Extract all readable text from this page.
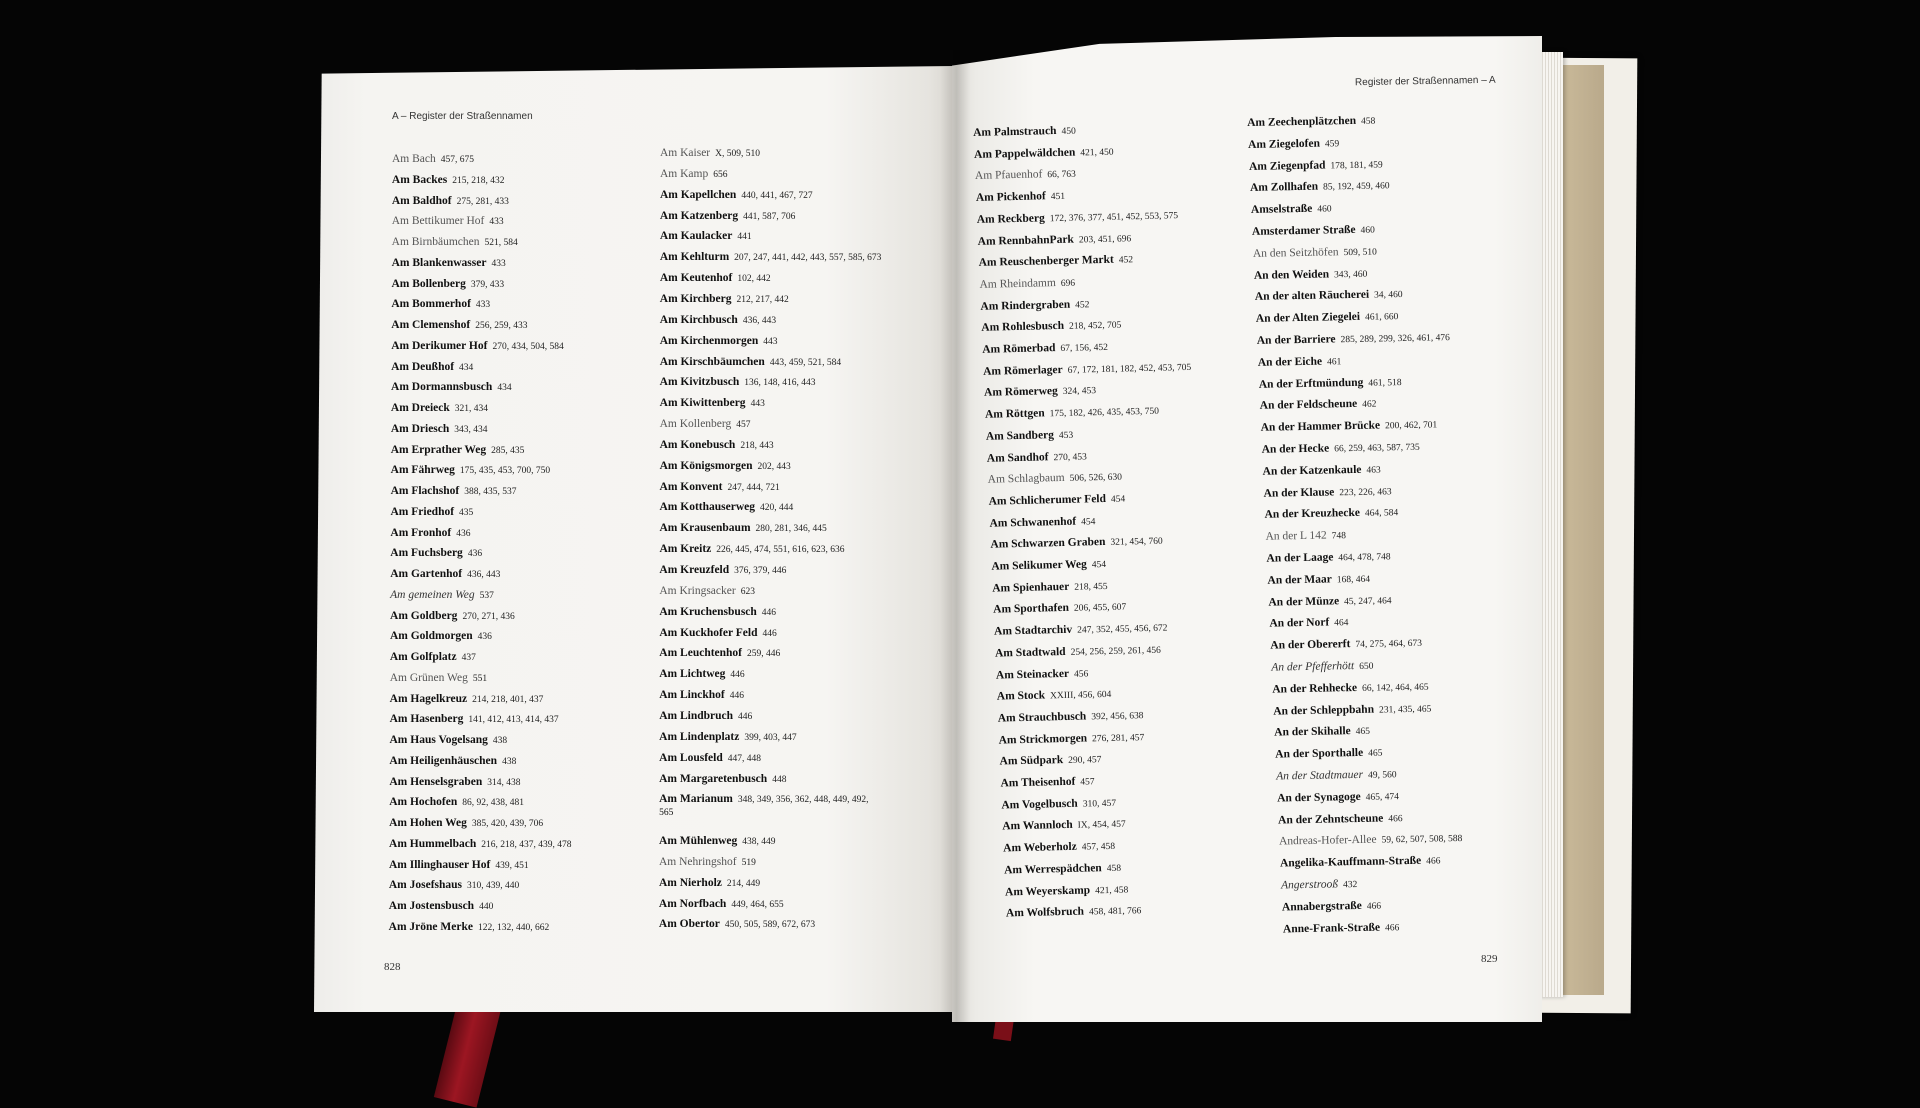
A – Register der Straßennamen
Register der Straßennamen – A
828
829
Am Bach 457, 675
Am Backes 215, 218, 432
Am Baldhof 275, 281, 433
Am Bettikumer Hof 433
Am Birnbäumchen 521, 584
Am Blankenwasser 433
Am Bollenberg 379, 433
Am Bommerhof 433
Am Clemenshof 256, 259, 433
Am Derikumer Hof 270, 434, 504, 584
Am Deußhof 434
Am Dormannsbusch 434
Am Dreieck 321, 434
Am Driesch 343, 434
Am Erprather Weg 285, 435
Am Fährweg 175, 435, 453, 700, 750
Am Flachshof 388, 435, 537
Am Friedhof 435
Am Fronhof 436
Am Fuchsberg 436
Am Gartenhof 436, 443
Am gemeinen Weg 537
Am Goldberg 270, 271, 436
Am Goldmorgen 436
Am Golfplatz 437
Am Grünen Weg 551
Am Hagelkreuz 214, 218, 401, 437
Am Hasenberg 141, 412, 413, 414, 437
Am Haus Vogelsang 438
Am Heiligenhäuschen 438
Am Henselsgraben 314, 438
Am Hochofen 86, 92, 438, 481
Am Hohen Weg 385, 420, 439, 706
Am Hummelbach 216, 218, 437, 439, 478
Am Illinghauser Hof 439, 451
Am Josefshaus 310, 439, 440
Am Jostensbusch 440
Am Jröne Merke 122, 132, 440, 662
Am Kaiser X, 509, 510
Am Kamp 656
Am Kapellchen 440, 441, 467, 727
Am Katzenberg 441, 587, 706
Am Kaulacker 441
Am Kehlturm 207, 247, 441, 442, 443, 557, 585, 673
Am Keutenhof 102, 442
Am Kirchberg 212, 217, 442
Am Kirchbusch 436, 443
Am Kirchenmorgen 443
Am Kirschbäumchen 443, 459, 521, 584
Am Kivitzbusch 136, 148, 416, 443
Am Kiwittenberg 443
Am Kollenberg 457
Am Konebusch 218, 443
Am Königsmorgen 202, 443
Am Konvent 247, 444, 721
Am Kotthauserweg 420, 444
Am Krausenbaum 280, 281, 346, 445
Am Kreitz 226, 445, 474, 551, 616, 623, 636
Am Kreuzfeld 376, 379, 446
Am Kringsacker 623
Am Kruchensbusch 446
Am Kuckhofer Feld 446
Am Leuchtenhof 259, 446
Am Lichtweg 446
Am Linckhof 446
Am Lindbruch 446
Am Lindenplatz 399, 403, 447
Am Lousfeld 447, 448
Am Margaretenbusch 448
Am Marianum 348, 349, 356, 362, 448, 449, 492,
565
Am Mühlenweg 438, 449
Am Nehringshof 519
Am Nierholz 214, 449
Am Norfbach 449, 464, 655
Am Obertor 450, 505, 589, 672, 673
Am Palmstrauch 450
Am Pappelwäldchen 421, 450
Am Pfauenhof 66, 763
Am Pickenhof 451
Am Reckberg 172, 376, 377, 451, 452, 553, 575
Am RennbahnPark 203, 451, 696
Am Reuschenberger Markt 452
Am Rheindamm 696
Am Rindergraben 452
Am Rohlesbusch 218, 452, 705
Am Römerbad 67, 156, 452
Am Römerlager 67, 172, 181, 182, 452, 453, 705
Am Römerweg 324, 453
Am Röttgen 175, 182, 426, 435, 453, 750
Am Sandberg 453
Am Sandhof 270, 453
Am Schlagbaum 506, 526, 630
Am Schlicherumer Feld 454
Am Schwanenhof 454
Am Schwarzen Graben 321, 454, 760
Am Selikumer Weg 454
Am Spienhauer 218, 455
Am Sporthafen 206, 455, 607
Am Stadtarchiv 247, 352, 455, 456, 672
Am Stadtwald 254, 256, 259, 261, 456
Am Steinacker 456
Am Stock XXIII, 456, 604
Am Strauchbusch 392, 456, 638
Am Strickmorgen 276, 281, 457
Am Südpark 290, 457
Am Theisenhof 457
Am Vogelbusch 310, 457
Am Wannloch IX, 454, 457
Am Weberholz 457, 458
Am Werrespädchen 458
Am Weyerskamp 421, 458
Am Wolfsbruch 458, 481, 766
Am Zeechenplätzchen 458
Am Ziegelofen 459
Am Ziegenpfad 178, 181, 459
Am Zollhafen 85, 192, 459, 460
Amselstraße 460
Amsterdamer Straße 460
An den Seitzhöfen 509, 510
An den Weiden 343, 460
An der alten Räucherei 34, 460
An der Alten Ziegelei 461, 660
An der Barriere 285, 289, 299, 326, 461, 476
An der Eiche 461
An der Erftmündung 461, 518
An der Feldscheune 462
An der Hammer Brücke 200, 462, 701
An der Hecke 66, 259, 463, 587, 735
An der Katzenkaule 463
An der Klause 223, 226, 463
An der Kreuzhecke 464, 584
An der L 142 748
An der Laage 464, 478, 748
An der Maar 168, 464
An der Münze 45, 247, 464
An der Norf 464
An der Obererft 74, 275, 464, 673
An der Pfefferhött 650
An der Rehhecke 66, 142, 464, 465
An der Schleppbahn 231, 435, 465
An der Skihalle 465
An der Sporthalle 465
An der Stadtmauer 49, 560
An der Synagoge 465, 474
An der Zehntscheune 466
Andreas-Hofer-Allee 59, 62, 507, 508, 588
Angelika-Kauffmann-Straße 466
Angerstrooß 432
Annabergstraße 466
Anne-Frank-Straße 466
